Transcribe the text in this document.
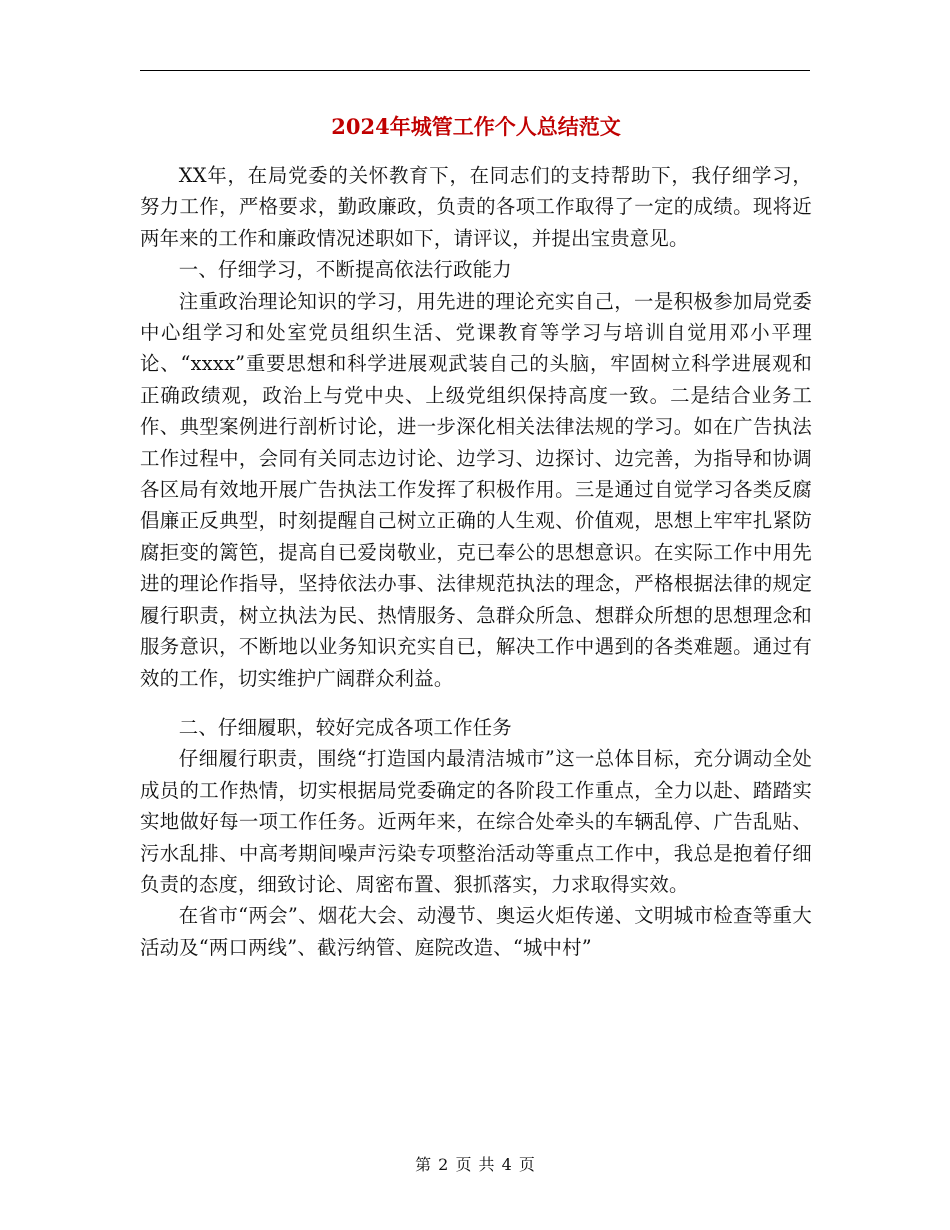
2024年城管工作个人总结范文

XX年，在局党委的关怀教育下，在同志们的支持帮助下，我仔细学习，努力工作，严格要求，勤政廉政，负责的各项工作取得了一定的成绩。现将近两年来的工作和廉政情况述职如下，请评议，并提出宝贵意见。

一、仔细学习，不断提高依法行政能力

注重政治理论知识的学习，用先进的理论充实自己，一是积极参加局党委中心组学习和处室党员组织生活、党课教育等学习与培训自觉用邓小平理论、“xxxx”重要思想和科学进展观武装自己的头脑，牢固树立科学进展观和正确政绩观，政治上与党中央、上级党组织保持高度一致。二是结合业务工作、典型案例进行剖析讨论，进一步深化相关法律法规的学习。如在广告执法工作过程中，会同有关同志边讨论、边学习、边探讨、边完善，为指导和协调各区局有效地开展广告执法工作发挥了积极作用。三是通过自觉学习各类反腐倡廉正反典型，时刻提醒自己树立正确的人生观、价值观，思想上牢牢扎紧防腐拒变的篱笆，提高自已爱岗敬业，克已奉公的思想意识。在实际工作中用先进的理论作指导，坚持依法办事、法律规范执法的理念，严格根据法律的规定履行职责，树立执法为民、热情服务、急群众所急、想群众所想的思想理念和服务意识，不断地以业务知识充实自已，解决工作中遇到的各类难题。通过有效的工作，切实维护广阔群众利益。

二、仔细履职，较好完成各项工作任务

仔细履行职责，围绕“打造国内最清洁城市”这一总体目标，充分调动全处成员的工作热情，切实根据局党委确定的各阶段工作重点，全力以赴、踏踏实实地做好每一项工作任务。近两年来，在综合处牵头的车辆乱停、广告乱贴、污水乱排、中高考期间噪声污染专项整治活动等重点工作中，我总是抱着仔细负责的态度，细致讨论、周密布置、狠抓落实，力求取得实效。

在省市“两会”、烟花大会、动漫节、奥运火炬传递、文明城市检查等重大活动及“两口两线”、截污纳管、庭院改造、“城中村”

第 2 页 共 4 页
